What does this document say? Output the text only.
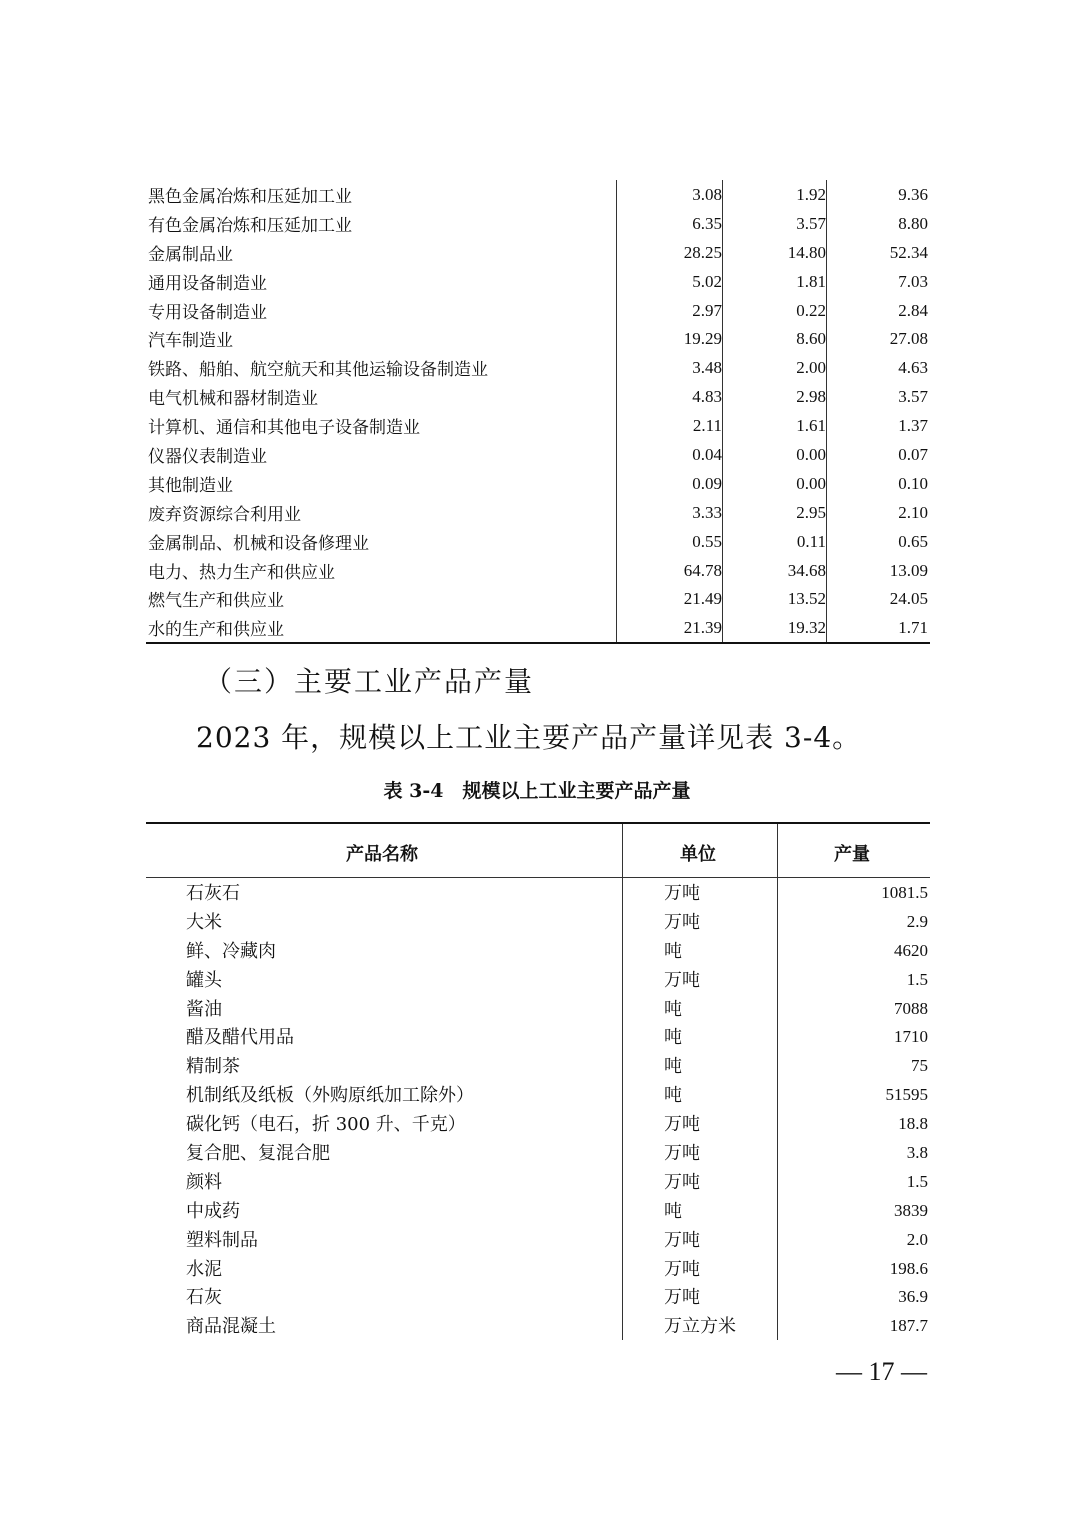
黑色金属冶炼和压延加工业	3.08	1.92	9.36
有色金属冶炼和压延加工业	6.35	3.57	8.80
金属制品业	28.25	14.80	52.34
通用设备制造业	5.02	1.81	7.03
专用设备制造业	2.97	0.22	2.84
汽车制造业	19.29	8.60	27.08
铁路、船舶、航空航天和其他运输设备制造业	3.48	2.00	4.63
电气机械和器材制造业	4.83	2.98	3.57
计算机、通信和其他电子设备制造业	2.11	1.61	1.37
仪器仪表制造业	0.04	0.00	0.07
其他制造业	0.09	0.00	0.10
废弃资源综合利用业	3.33	2.95	2.10
金属制品、机械和设备修理业	0.55	0.11	0.65
电力、热力生产和供应业	64.78	34.68	13.09
燃气生产和供应业	21.49	13.52	24.05
水的生产和供应业	21.39	19.32	1.71
（三）主要工业产品产量
2023 年，规模以上工业主要产品产量详见表 3-4。
表 3-4　规模以上工业主要产品产量
产品名称	单位	产量
石灰石	万吨	1081.5
大米	万吨	2.9
鲜、冷藏肉	吨	4620
罐头	万吨	1.5
酱油	吨	7088
醋及醋代用品	吨	1710
精制茶	吨	75
机制纸及纸板（外购原纸加工除外）	吨	51595
碳化钙（电石，折 300 升、千克）	万吨	18.8
复合肥、复混合肥	万吨	3.8
颜料	万吨	1.5
中成药	吨	3839
塑料制品	万吨	2.0
水泥	万吨	198.6
石灰	万吨	36.9
商品混凝土	万立方米	187.7
— 17 —
